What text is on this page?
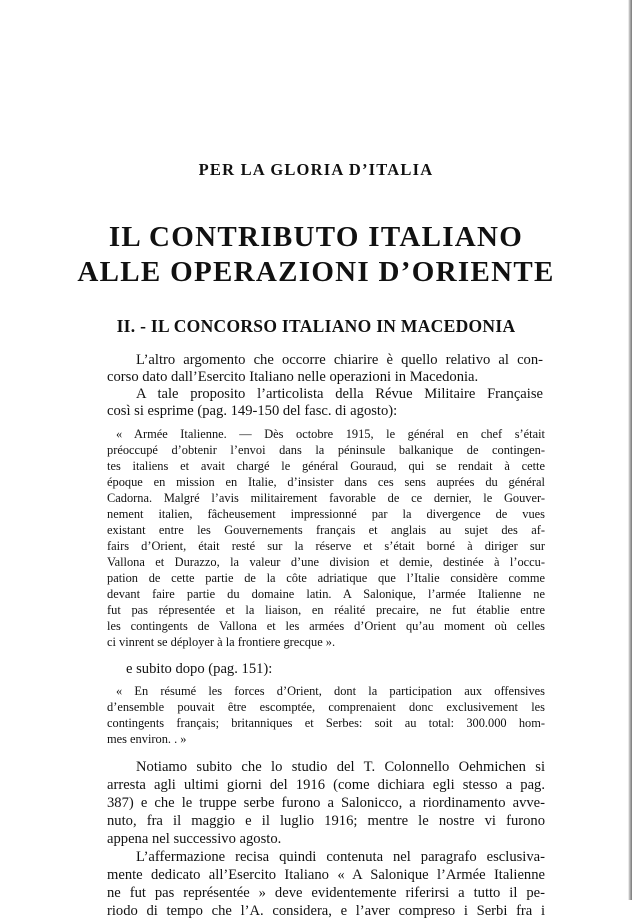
PER LA GLORIA D’ITALIA
IL CONTRIBUTO ITALIANO
ALLE OPERAZIONI D’ORIENTE
II. - IL CONCORSO ITALIANO IN MACEDONIA
L’altro argomento che occorre chiarire è quello relativo al con-
corso dato dall’Esercito Italiano nelle operazioni in Macedonia.
A tale proposito l’articolista della Révue Militaire Française
così si esprime (pag. 149-150 del fasc. di agosto):
« Armée Italienne. — Dès octobre 1915, le général en chef s’était
préoccupé d’obtenir l’envoi dans la péninsule balkanique de contingen-
tes italiens et avait chargé le général Gouraud, qui se rendait à cette
époque en mission en Italie, d’insister dans ces sens auprées du général
Cadorna. Malgré l’avis militairement favorable de ce dernier, le Gouver-
nement italien, fâcheusement impressionné par la divergence de vues
existant entre les Gouvernements français et anglais au sujet des af-
fairs d’Orient, était resté sur la réserve et s’était borné à diriger sur
Vallona et Durazzo, la valeur d’une division et demie, destinée à l’occu-
pation de cette partie de la côte adriatique que l’Italie considère comme
devant faire partie du domaine latin. A Salonique, l’armée Italienne ne
fut pas répresentée et la liaison, en réalité precaire, ne fut établie entre
les contingents de Vallona et les armées d’Orient qu’au moment où celles
ci vinrent se déployer à la frontiere grecque ».
e subito dopo (pag. 151):
« En résumé les forces d’Orient, dont la participation aux offensives
d’ensemble pouvait être escomptée, comprenaient donc exclusivement les
contingents français; britanniques et Serbes: soit au total: 300.000 hom-
mes environ. . »
Notiamo subito che lo studio del T. Colonnello Oehmichen si
arresta agli ultimi giorni del 1916 (come dichiara egli stesso a pag.
387) e che le truppe serbe furono a Salonicco, a riordinamento avve-
nuto, fra il maggio e il luglio 1916; mentre le nostre vi furono
appena nel successivo agosto.
L’affermazione recisa quindi contenuta nel paragrafo esclusiva-
mente dedicato all’Esercito Italiano « A Salonique l’Armée Italienne
ne fut pas représentée » deve evidentemente riferirsi a tutto il pe-
riodo di tempo che l’A. considera, e l’aver compreso i Serbi fra i
